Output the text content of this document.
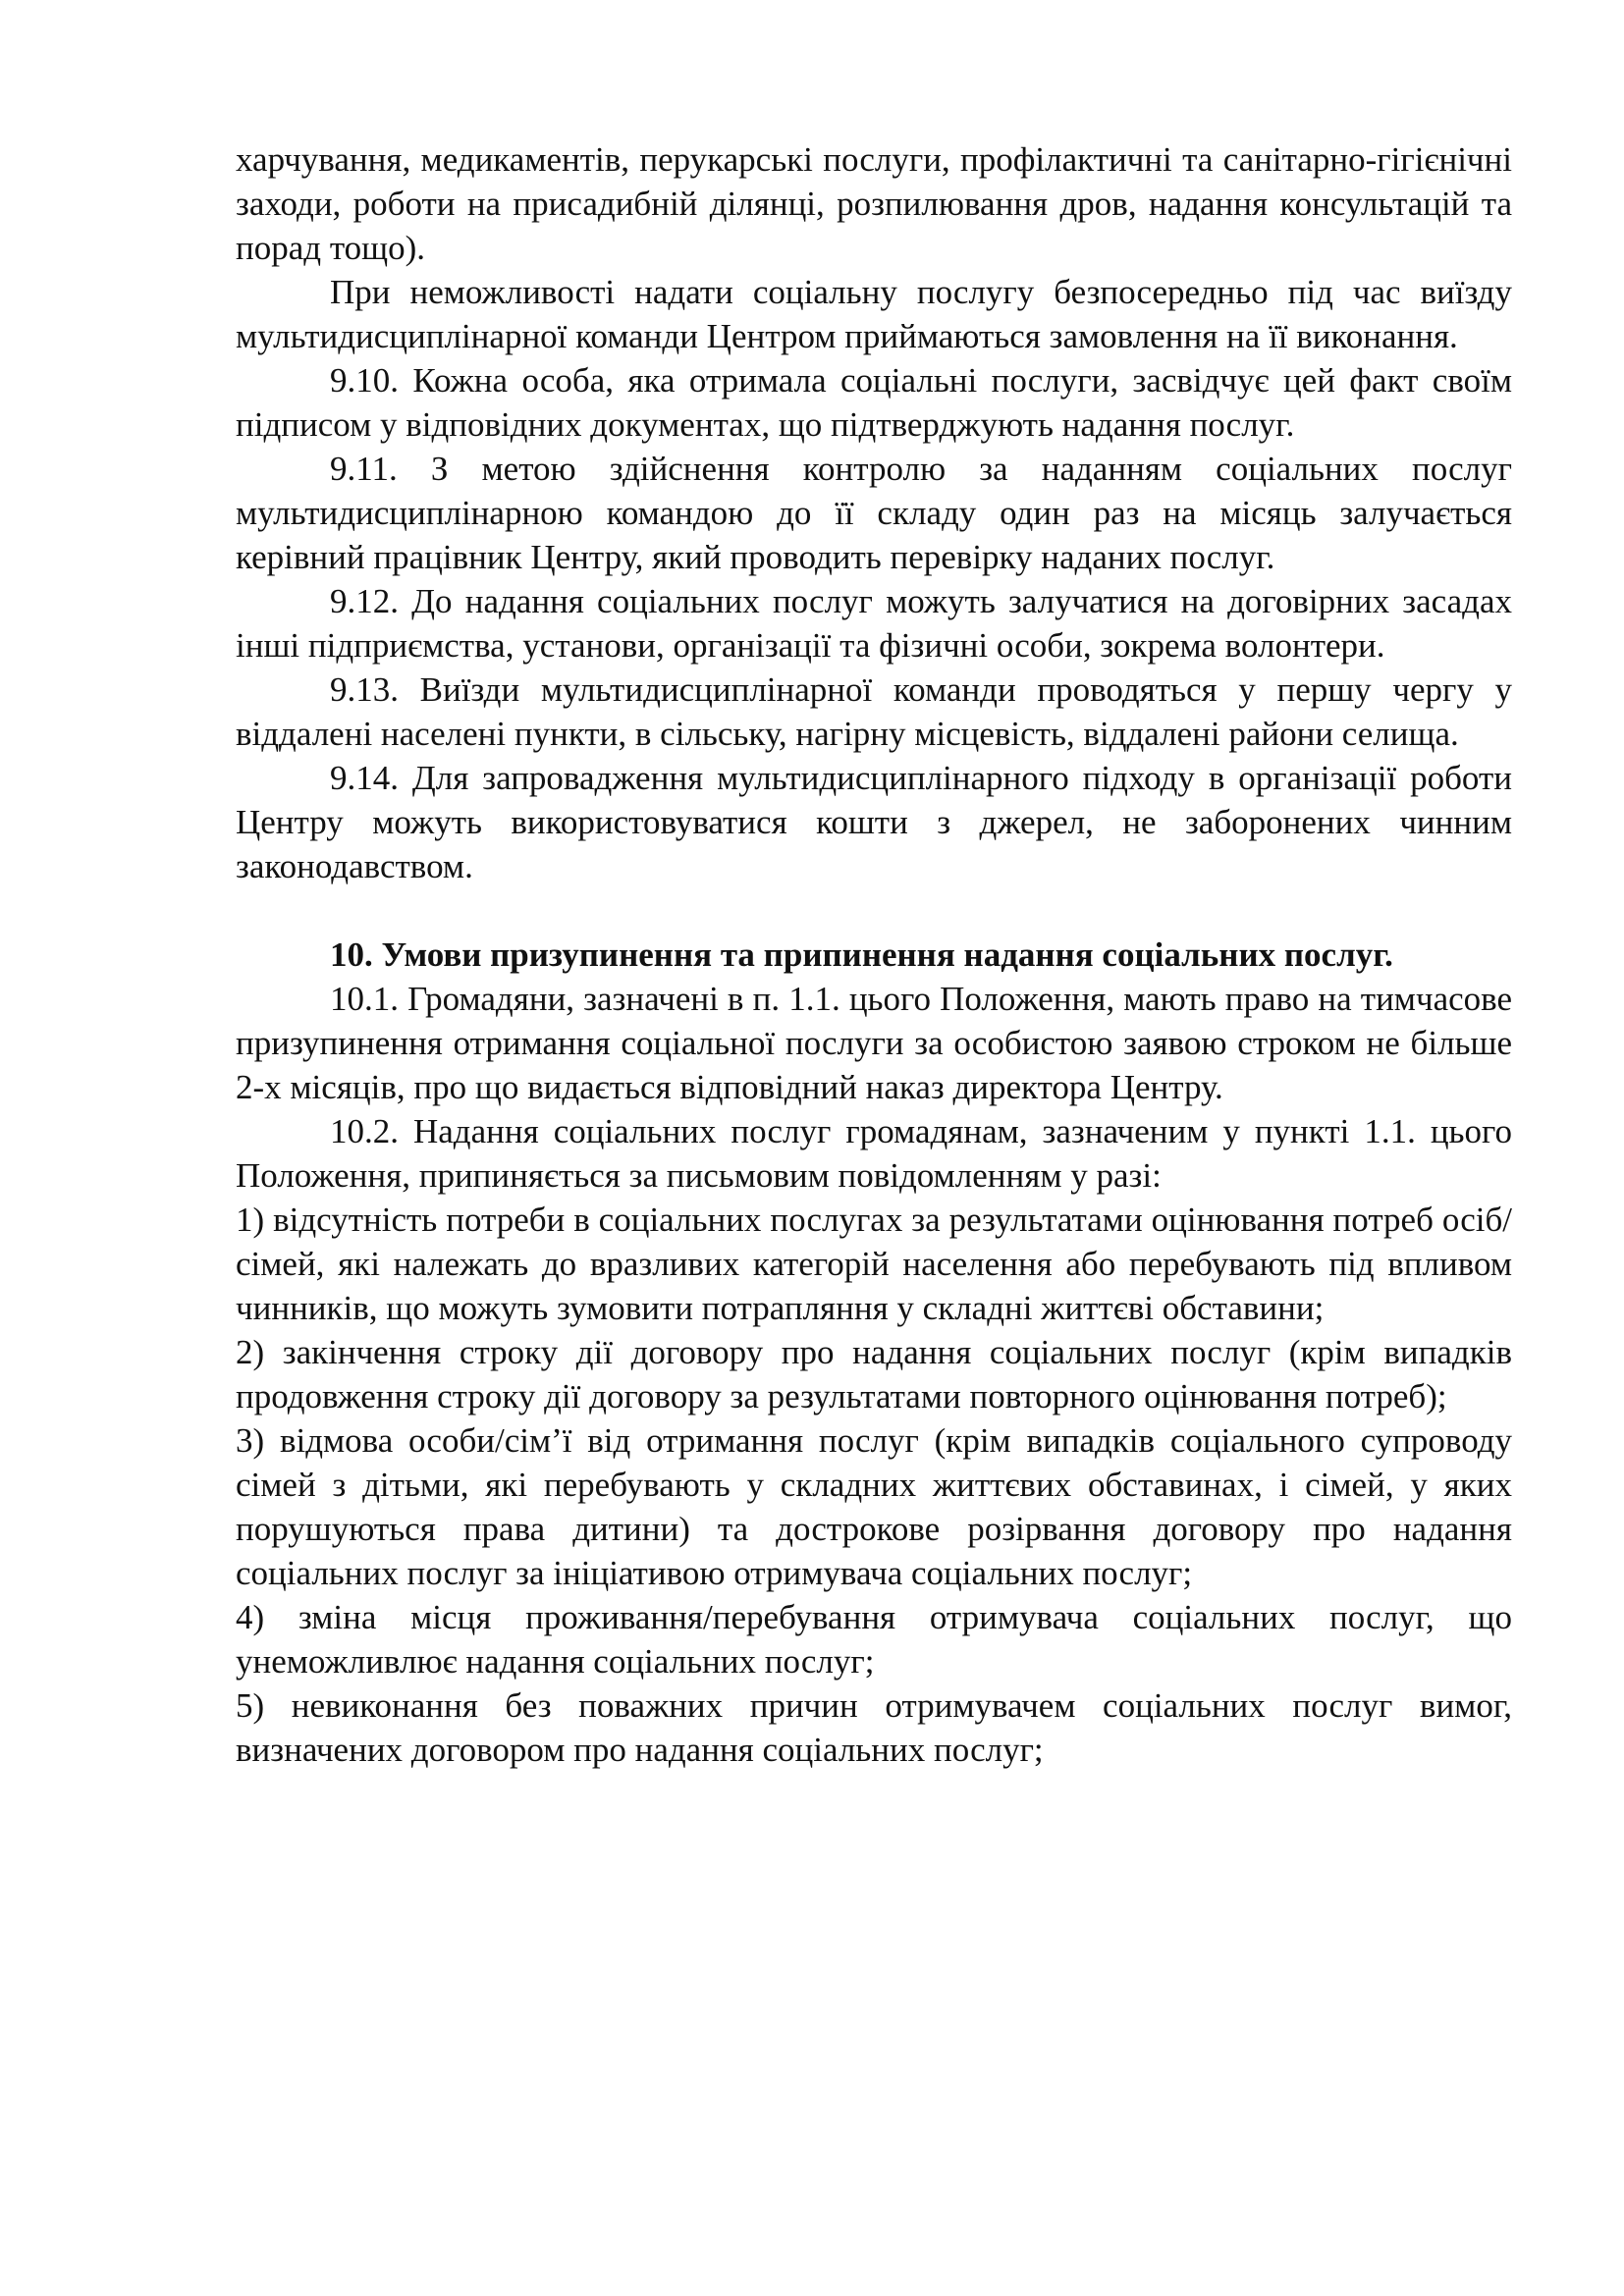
харчування, медикаментів, перукарські послуги, профілактичні та санітарно-гігієнічні заходи, роботи на присадибній ділянці, розпилювання дров, надання консультацій та порад тощо).

При неможливості надати соціальну послугу безпосередньо під час виїзду мультидисциплінарної команди Центром приймаються замовлення на її виконання.

9.10. Кожна особа, яка отримала соціальні послуги, засвідчує цей факт своїм підписом у відповідних документах, що підтверджують надання послуг.

9.11. З метою здійснення контролю за наданням соціальних послуг мультидисциплінарною командою до її складу один раз на місяць залучається керівний працівник Центру, який проводить перевірку наданих послуг.

9.12. До надання соціальних послуг можуть залучатися на договірних засадах інші підприємства, установи, організації та фізичні особи, зокрема волонтери.

9.13. Виїзди мультидисциплінарної команди проводяться у першу чергу у віддалені населені пункти, в сільську, нагірну місцевість, віддалені райони селища.

9.14. Для запровадження мультидисциплінарного підходу в організації роботи Центру можуть використовуватися кошти з джерел, не заборонених чинним законодавством.

10. Умови призупинення та припинення надання соціальних послуг.

10.1. Громадяни, зазначені в п. 1.1. цього Положення, мають право на тимчасове призупинення отримання соціальної послуги за особистою заявою строком не більше 2-х місяців, про що видається відповідний наказ директора Центру.

10.2. Надання соціальних послуг громадянам, зазначеним у пункті 1.1. цього Положення, припиняється за письмовим повідомленням у разі:

1) відсутність потреби в соціальних послугах за результатами оцінювання потреб осіб/сімей, які належать до вразливих категорій населення або перебувають під впливом чинників, що можуть зумовити потрапляння у складні життєві обставини;

2) закінчення строку дії договору про надання соціальних послуг (крім випадків продовження строку дії договору за результатами повторного оцінювання потреб);

3) відмова особи/сім’ї від отримання послуг (крім випадків соціального супроводу сімей з дітьми, які перебувають у складних життєвих обставинах, і сімей, у яких порушуються права дитини) та дострокове розірвання договору про надання соціальних послуг за ініціативою отримувача соціальних послуг;

4) зміна місця проживання/перебування отримувача соціальних послуг, що унеможливлює надання соціальних послуг;

5) невиконання без поважних причин отримувачем соціальних послуг вимог, визначених договором про надання соціальних послуг;
